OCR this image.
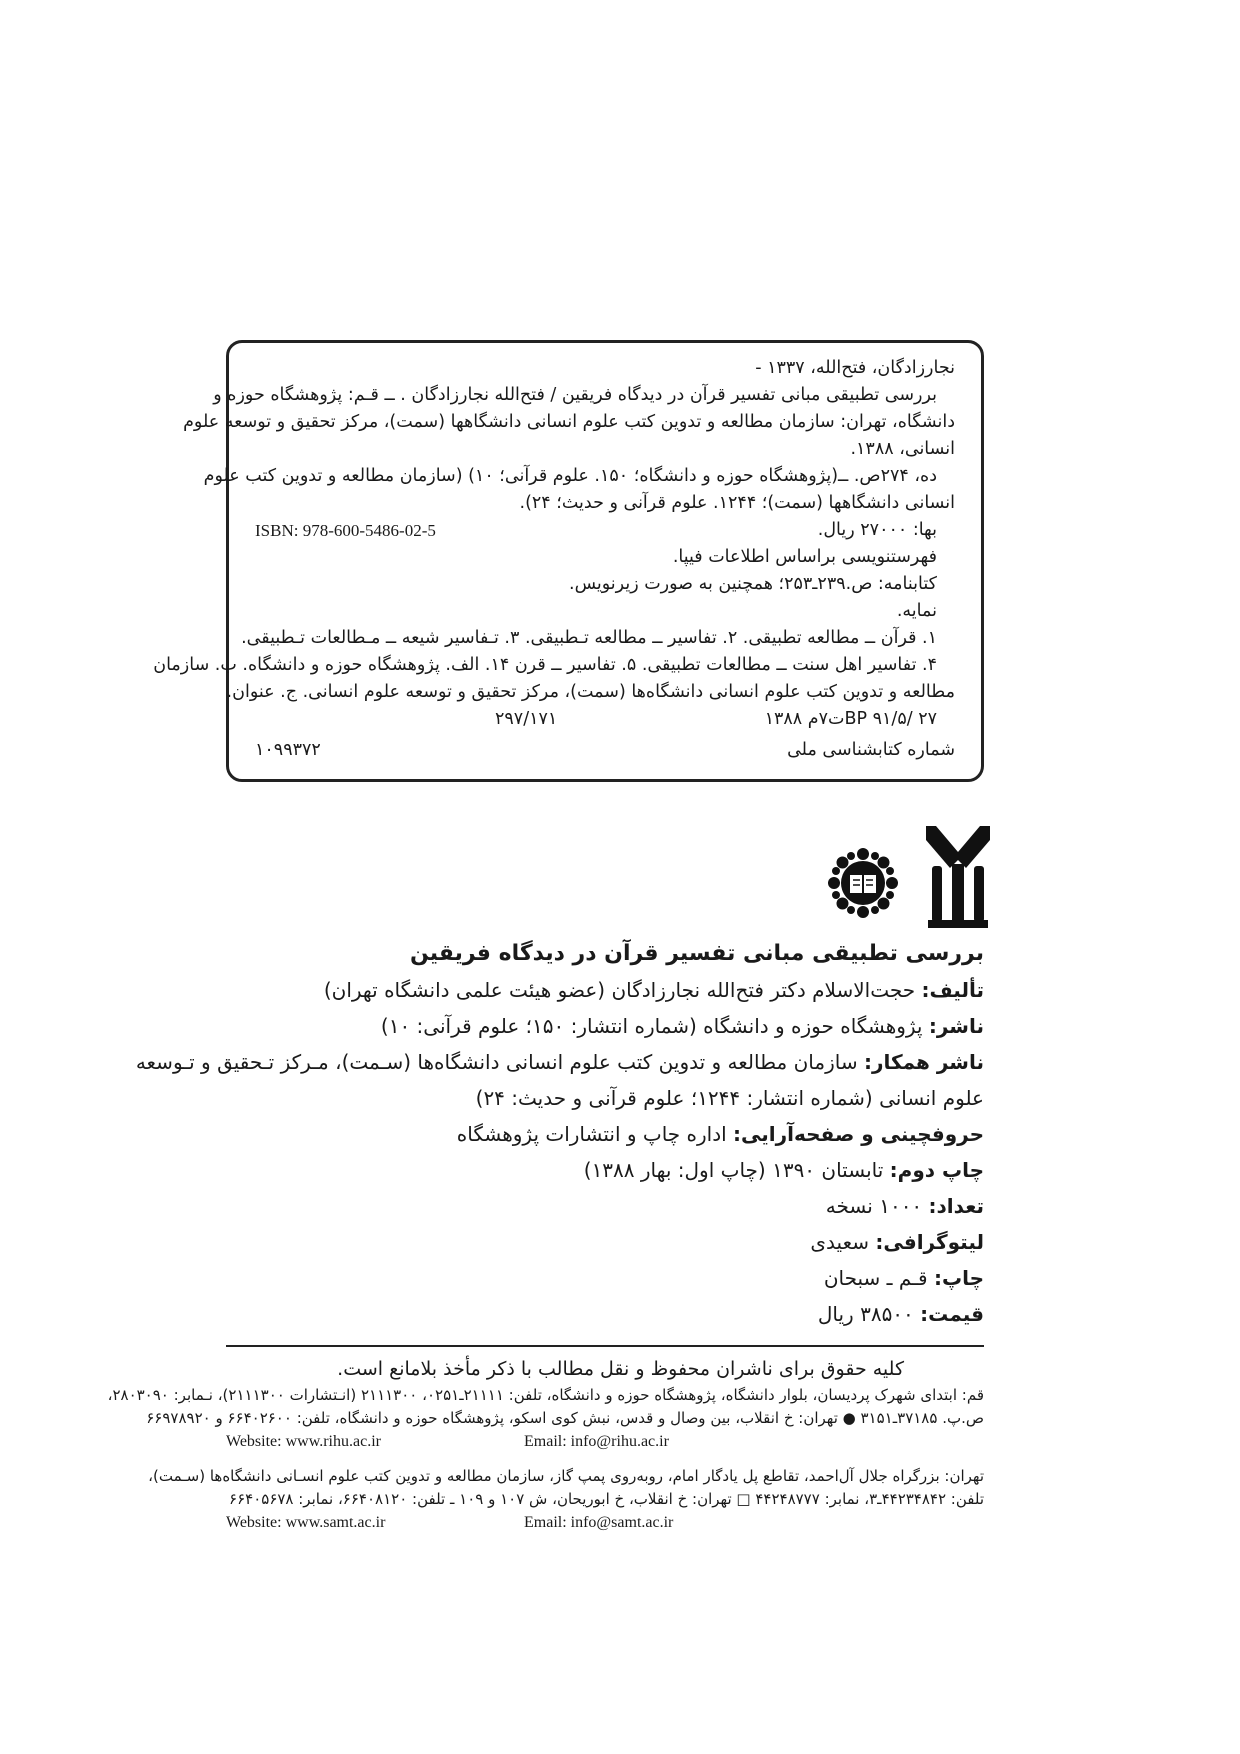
نجارزادگان، فتح‌الله، ۱۳۳۷ -

بررسی تطبیقی مبانی تفسیر قرآن در دیدگاه فریقین / فتح‌الله نجارزادگان . ــ قـم: پژوهشگاه حوزه و

دانشگاه، تهران: سازمان مطالعه و تدوین کتب علوم انسانی دانشگاهها (سمت)، مرکز تحقیق و توسعه علوم

انسانی، ۱۳۸۸.

ده، ۲۷۴ص. ــ(پژوهشگاه حوزه و دانشگاه؛ ۱۵۰. علوم قرآنی؛ ۱۰) (سازمان مطالعه و تدوین کتب علوم

انسانی دانشگاهها (سمت)؛ ۱۲۴۴. علوم قرآنی و حدیث؛ ۲۴).

بها: ۲۷۰۰۰ ریال.
ISBN: 978-600-5486-02-5

فهرستنویسی براساس اطلاعات فیپا.

کتابنامه: ص.۲۳۹ـ۲۵۳؛ همچنین به صورت زیرنویس.

نمایه.

۱. قرآن ــ مطالعه تطبیقی. ۲. تفاسیر ــ مطالعه تـطبیقی. ۳. تـفاسیر شیعه ــ مـطالعات تـطبیقی.

۴. تفاسیر اهل سنت ــ مطالعات تطبیقی. ۵. تفاسیر ــ قرن ۱۴. الف. پژوهشگاه حوزه و دانشگاه. ب. سازمان

مطالعه و تدوین کتب علوم انسانی دانشگاه‌ها (سمت)، مرکز تحقیق و توسعه علوم انسانی. ج. عنوان.

BP ۹۱/۵/ ۲۷ت۷م ۱۳۸۸
۲۹۷/۱۷۱
شماره کتابشناسی ملی
۱۰۹۹۳۷۲

بررسی تطبیقی مبانی تفسیر قرآن در دیدگاه فریقین

تألیف: حجت‌الاسلام دکتر فتح‌الله نجارزادگان (عضو هیئت علمی دانشگاه تهران)

ناشر: پژوهشگاه حوزه و دانشگاه (شماره انتشار: ۱۵۰؛ علوم قرآنی: ۱۰)

ناشر همکار: سازمان مطالعه و تدوین کتب علوم انسانی دانشگاه‌ها (سـمت)، مـرکز تـحقیق و تـوسعه

علوم انسانی (شماره انتشار: ۱۲۴۴؛ علوم قرآنی و حدیث: ۲۴)

حروفچینی و صفحه‌آرایی: اداره چاپ و انتشارات پژوهشگاه

چاپ دوم: تابستان ۱۳۹۰ (چاپ اول: بهار ۱۳۸۸)

تعداد: ۱۰۰۰ نسخه

لیتوگرافی: سعیدی

چاپ: قـم ـ سبحان

قیمت: ۳۸۵۰۰ ریال

کلیه حقوق برای ناشران محفوظ و نقل مطالب با ذکر مأخذ بلامانع است.

قم: ابتدای شهرک پردیسان، بلوار دانشگاه، پژوهشگاه حوزه و دانشگاه، تلفن: ۲۱۱۱۱ـ۰۲۵۱، ۲۱۱۱۳۰۰ (انـتشارات ۲۱۱۱۳۰۰)، نـمابر: ۲۸۰۳۰۹۰،

ص.پ. ۳۷۱۸۵ـ۳۱۵۱ ● تهران: خ انقلاب، بین وصال و قدس، نبش کوی اسکو، پژوهشگاه حوزه و دانشگاه، تلفن: ۶۶۴۰۲۶۰۰ و ۶۶۹۷۸۹۲۰

Website: www.rihu.ac.ir	Email: info@rihu.ac.ir

تهران: بزرگراه جلال آل‌احمد، تقاطع پل یادگار امام، روبه‌روی پمپ گاز، سازمان مطالعه و تدوین کتب علوم انسـانی دانشگاه‌ها (سـمت)،

تلفن: ۴۴۲۳۴۸۴۲ـ۳، نمابر: ۴۴۲۴۸۷۷۷ □ تهران: خ انقلاب، خ ابوریحان، ش ۱۰۷ و ۱۰۹ ـ تلفن: ۶۶۴۰۸۱۲۰، نمابر: ۶۶۴۰۵۶۷۸

Website: www.samt.ac.ir	Email: info@samt.ac.ir
